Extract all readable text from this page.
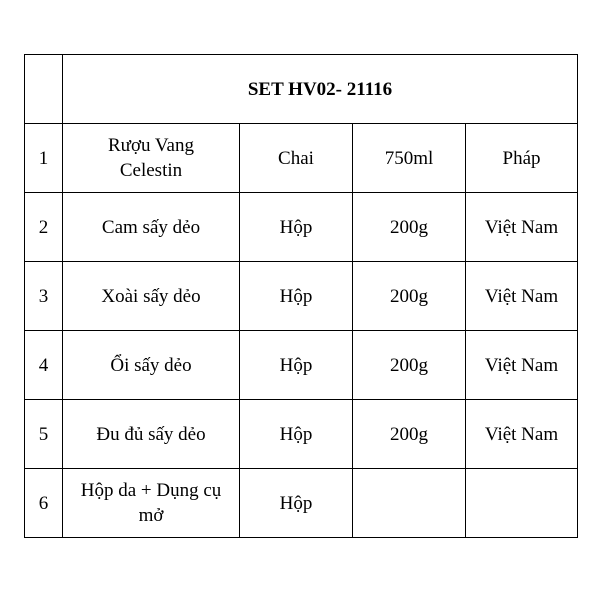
	SET HV02- 21116			
1	Rượu Vang Celestin	Chai	750ml	Pháp
2	Cam sấy dẻo	Hộp	200g	Việt Nam
3	Xoài sấy dẻo	Hộp	200g	Việt Nam
4	Ổi sấy dẻo	Hộp	200g	Việt Nam
5	Đu đủ sấy dẻo	Hộp	200g	Việt Nam
6	Hộp da + Dụng cụ mở	Hộp		
